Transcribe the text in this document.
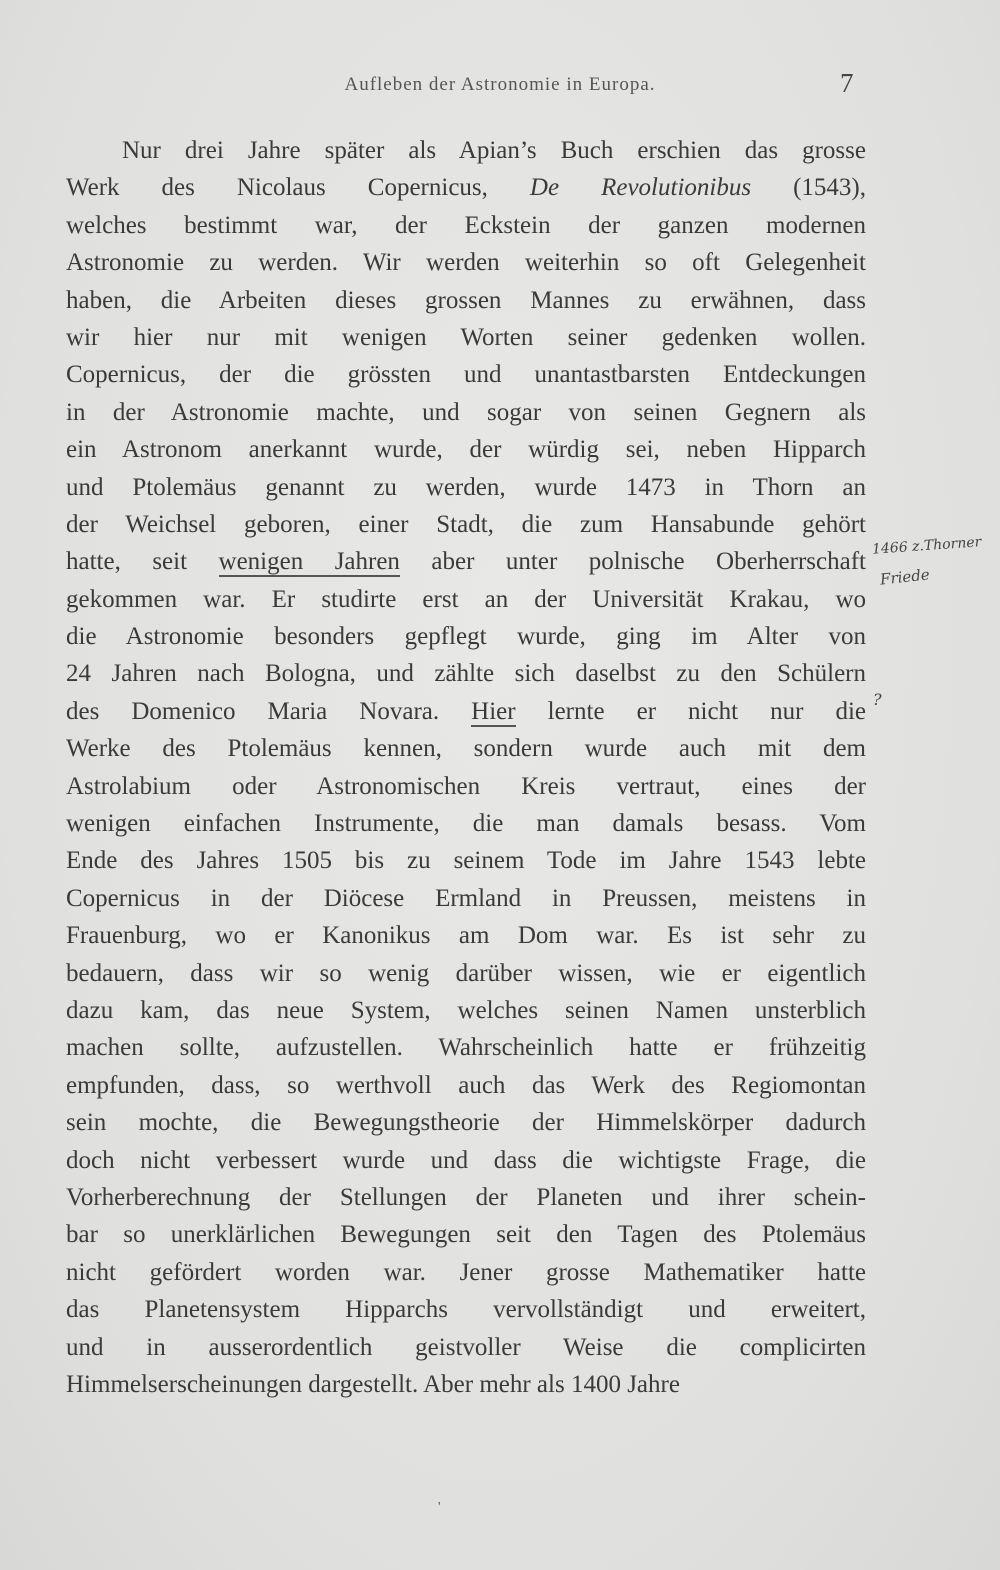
Aufleben der Astronomie in Europa.	7
Nur drei Jahre später als Apian’s Buch erschien das grosse
Werk des Nicolaus Copernicus, De Revolutionibus (1543),
welches bestimmt war, der Eckstein der ganzen modernen
Astronomie zu werden. Wir werden weiterhin so oft Gelegenheit
haben, die Arbeiten dieses grossen Mannes zu erwähnen, dass
wir hier nur mit wenigen Worten seiner gedenken wollen.
Copernicus, der die grössten und unantastbarsten Entdeckungen
in der Astronomie machte, und sogar von seinen Gegnern als
ein Astronom anerkannt wurde, der würdig sei, neben Hipparch
und Ptolemäus genannt zu werden, wurde 1473 in Thorn an
der Weichsel geboren, einer Stadt, die zum Hansabunde gehört
hatte, seit wenigen Jahren aber unter polnische Oberherrschaft
gekommen war. Er studirte erst an der Universität Krakau, wo
die Astronomie besonders gepflegt wurde, ging im Alter von
24 Jahren nach Bologna, und zählte sich daselbst zu den Schülern
des Domenico Maria Novara. Hier lernte er nicht nur die
Werke des Ptolemäus kennen, sondern wurde auch mit dem
Astrolabium oder Astronomischen Kreis vertraut, eines der
wenigen einfachen Instrumente, die man damals besass. Vom
Ende des Jahres 1505 bis zu seinem Tode im Jahre 1543 lebte
Copernicus in der Diöcese Ermland in Preussen, meistens in
Frauenburg, wo er Kanonikus am Dom war. Es ist sehr zu
bedauern, dass wir so wenig darüber wissen, wie er eigentlich
dazu kam, das neue System, welches seinen Namen unsterblich
machen sollte, aufzustellen. Wahrscheinlich hatte er frühzeitig
empfunden, dass, so werthvoll auch das Werk des Regiomontan
sein mochte, die Bewegungstheorie der Himmelskörper dadurch
doch nicht verbessert wurde und dass die wichtigste Frage, die
Vorherberechnung der Stellungen der Planeten und ihrer schein-
bar so unerklärlichen Bewegungen seit den Tagen des Ptolemäus
nicht gefördert worden war. Jener grosse Mathematiker hatte
das Planetensystem Hipparchs vervollständigt und erweitert,
und in ausserordentlich geistvoller Weise die complicirten
Himmelserscheinungen dargestellt. Aber mehr als 1400 Jahre
1466 z.Thorner
Friede
?
'
